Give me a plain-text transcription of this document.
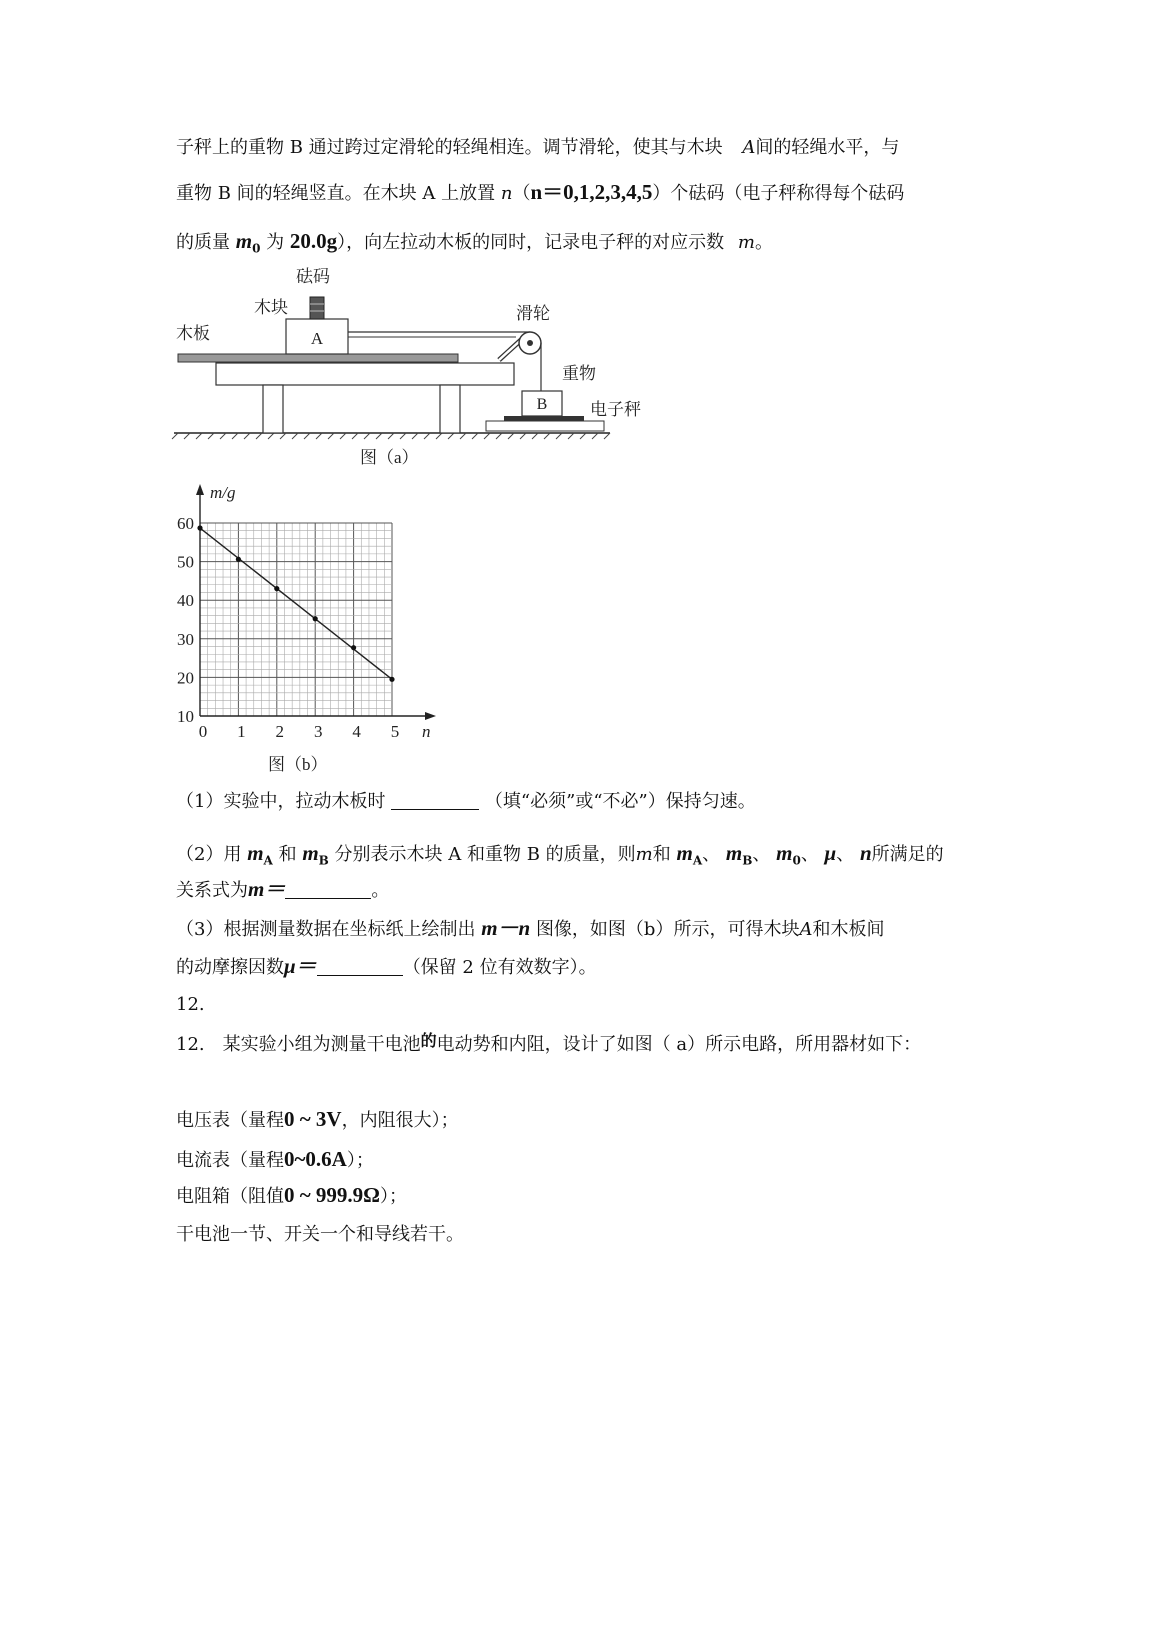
子秤上的重物 B 通过跨过定滑轮的轻绳相连。调节滑轮，使其与木块 A间的轻绳水平，与
重物 B 间的轻绳竖直。在木块 A 上放置 n（n＝0,1,2,3,4,5）个砝码（电子秤称得每个砝码
的质量 $m_0$ 为 20.0g），向左拉动木板的同时，记录电子秤的对应示数 m。
A
B
砝码
木块
木板
滑轮
重物
电子秤
图（a）
0 1 2 3 4 5
10
20
30
40
50
60
m/g
n
图（b）
（1）实验中，拉动木板时	（填“必须”或“不必”）保持匀速。
（2）用 $m_A$ 和 $m_B$ 分别表示木块 A 和重物 B 的质量，则m和 $m_A$、 $m_B$、 $m_0$、 μ、 n所满足的
关系式为m＝	。
（3）根据测量数据在坐标纸上绘制出 m－n 图像，如图（b）所示，可得木块A和木板间
的动摩擦因数μ＝	（保留 2 位有效数字）。
12.
12.　某实验小组为测量干电池的电动势和内阻，设计了如图（ a）所示电路，所用器材如下：
电压表（量程0 ~ 3V，内阻很大）；
电流表（量程0~0.6A）；
电阻箱（阻值0 ~ 999.9Ω）；
干电池一节、开关一个和导线若干。
